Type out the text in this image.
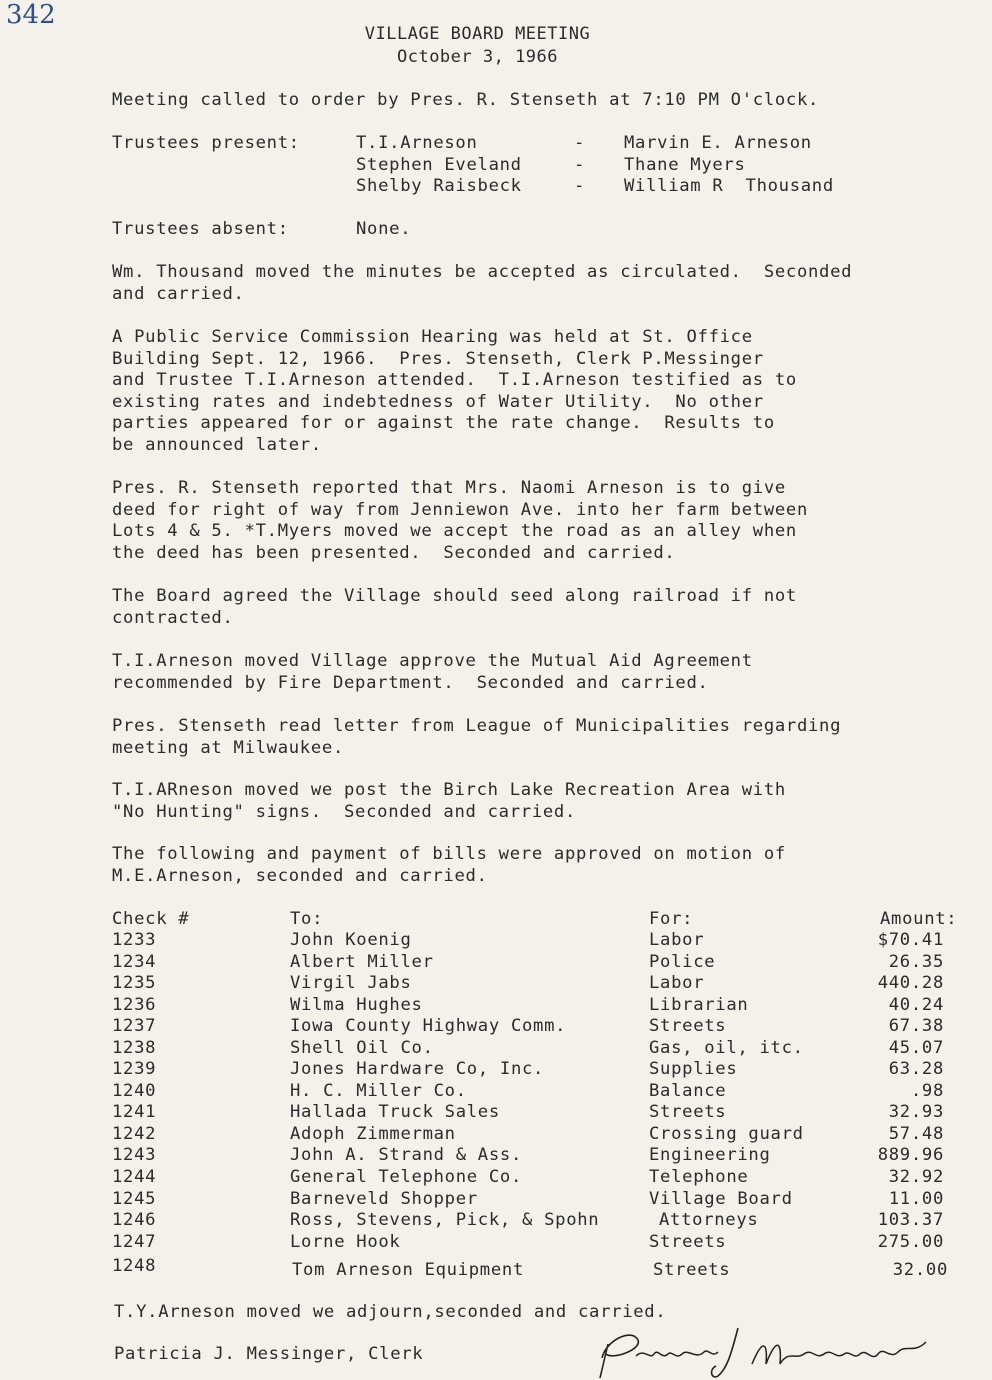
342
VILLAGE BOARD MEETING
October 3, 1966
Meeting called to order by Pres. R. Stenseth at 7:10 PM O'clock.
Trustees present:	T.I.Arneson	- Marvin E. Arneson
Stephen Eveland	- Thane Myers
Shelby Raisbeck	- William R  Thousand
Trustees absent:	None.
Wm. Thousand moved the minutes be accepted as circulated.  Seconded
and carried.
A Public Service Commission Hearing was held at St. Office
Building Sept. 12, 1966.  Pres. Stenseth, Clerk P.Messinger
and Trustee T.I.Arneson attended.  T.I.Arneson testified as to
existing rates and indebtedness of Water Utility.  No other
parties appeared for or against the rate change.  Results to
be announced later.
Pres. R. Stenseth reported that Mrs. Naomi Arneson is to give
deed for right of way from Jenniewon Ave. into her farm between
Lots 4 & 5. *T.Myers moved we accept the road as an alley when
the deed has been presented.  Seconded and carried.
The Board agreed the Village should seed along railroad if not
contracted.
T.I.Arneson moved Village approve the Mutual Aid Agreement
recommended by Fire Department.  Seconded and carried.
Pres. Stenseth read letter from League of Municipalities regarding
meeting at Milwaukee.
T.I.ARneson moved we post the Birch Lake Recreation Area with
"No Hunting" signs.  Seconded and carried.
The following and payment of bills were approved on motion of
M.E.Arneson, seconded and carried.
Check #	To:	For:	Amount:
1233	John Koenig	Labor	$70.41
1234	Albert Miller	Police	26.35
1235	Virgil Jabs	Labor	440.28
1236	Wilma Hughes	Librarian	40.24
1237	Iowa County Highway Comm.	Streets	67.38
1238	Shell Oil Co.	Gas, oil, itc.	45.07
1239	Jones Hardware Co, Inc.	Supplies	63.28
1240	H. C. Miller Co.	Balance	.98
1241	Hallada Truck Sales	Streets	32.93
1242	Adoph Zimmerman	Crossing guard	57.48
1243	John A. Strand & Ass.	Engineering	889.96
1244	General Telephone Co.	Telephone	32.92
1245	Barneveld Shopper	Village Board	11.00
1246	Ross, Stevens, Pick, & Spohn	Attorneys	103.37
1247	Lorne Hook	Streets	275.00
1248	Tom Arneson Equipment	Streets	32.00
T.Y.Arneson moved we adjourn,seconded and carried.
Patricia J. Messinger, Clerk
